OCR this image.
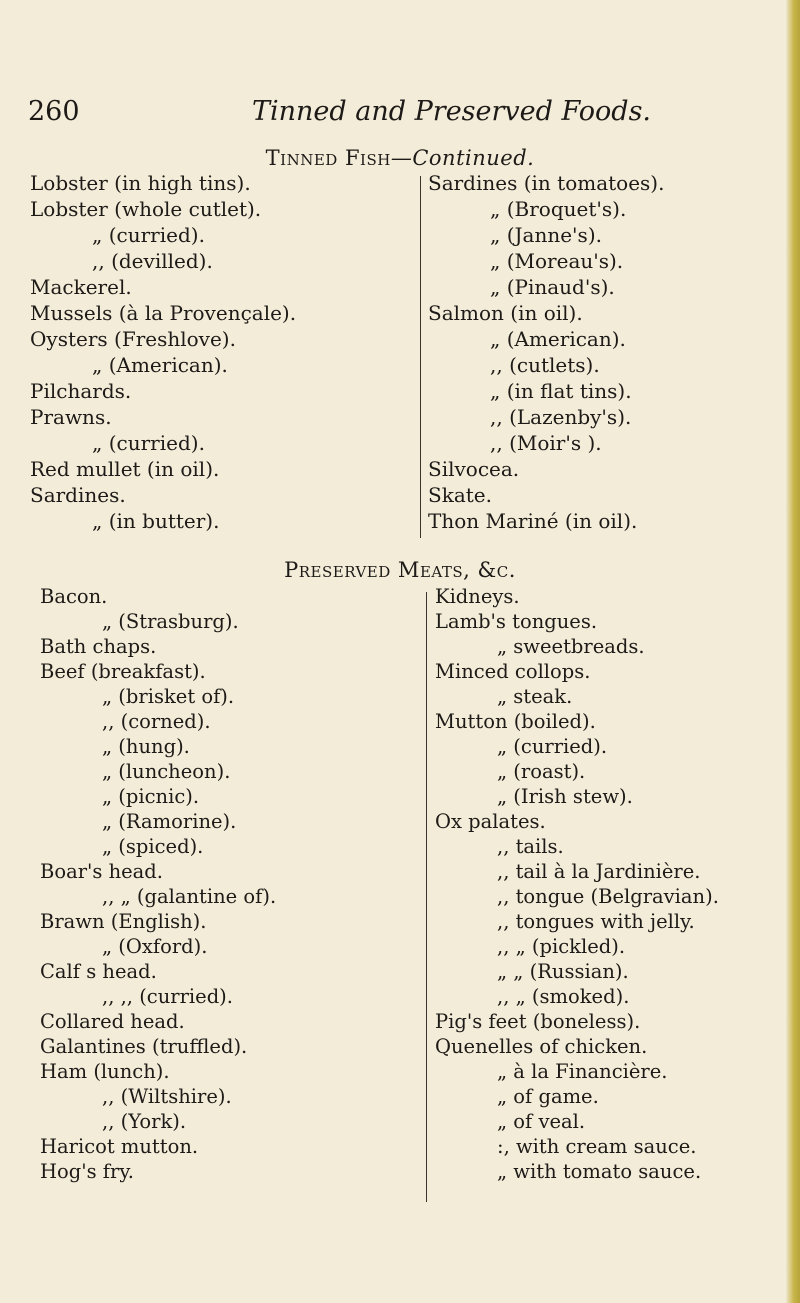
260	Tinned and Preserved Foods.
Tinned Fish—Continued.
Lobster (in high tins).
Lobster (whole cutlet).
„ (curried).
,, (devilled).
Mackerel.
Mussels (à la Provençale).
Oysters (Freshlove).
„ (American).
Pilchards.
Prawns.
„ (curried).
Red mullet (in oil).
Sardines.
„ (in butter).
Sardines (in tomatoes).
„ (Broquet's).
„ (Janne's).
„ (Moreau's).
„ (Pinaud's).
Salmon (in oil).
„ (American).
,, (cutlets).
„ (in flat tins).
,, (Lazenby's).
,, (Moir's ).
Silvocea.
Skate.
Thon Mariné (in oil).
Preserved Meats, &c.
Bacon.
„ (Strasburg).
Bath chaps.
Beef (breakfast).
„ (brisket of).
,, (corned).
„ (hung).
„ (luncheon).
„ (picnic).
„ (Ramorine).
„ (spiced).
Boar's head.
,, „ (galantine of).
Brawn (English).
„ (Oxford).
Calf s head.
,, ,, (curried).
Collared head.
Galantines (truffled).
Ham (lunch).
,, (Wiltshire).
,, (York).
Haricot mutton.
Hog's fry.
Kidneys.
Lamb's tongues.
„ sweetbreads.
Minced collops.
„ steak.
Mutton (boiled).
„ (curried).
„ (roast).
„ (Irish stew).
Ox palates.
,, tails.
,, tail à la Jardinière.
,, tongue (Belgravian).
,, tongues with jelly.
,, „ (pickled).
„ „ (Russian).
,, „ (smoked).
Pig's feet (boneless).
Quenelles of chicken.
„ à la Financière.
„ of game.
„ of veal.
:, with cream sauce.
„ with tomato sauce.
